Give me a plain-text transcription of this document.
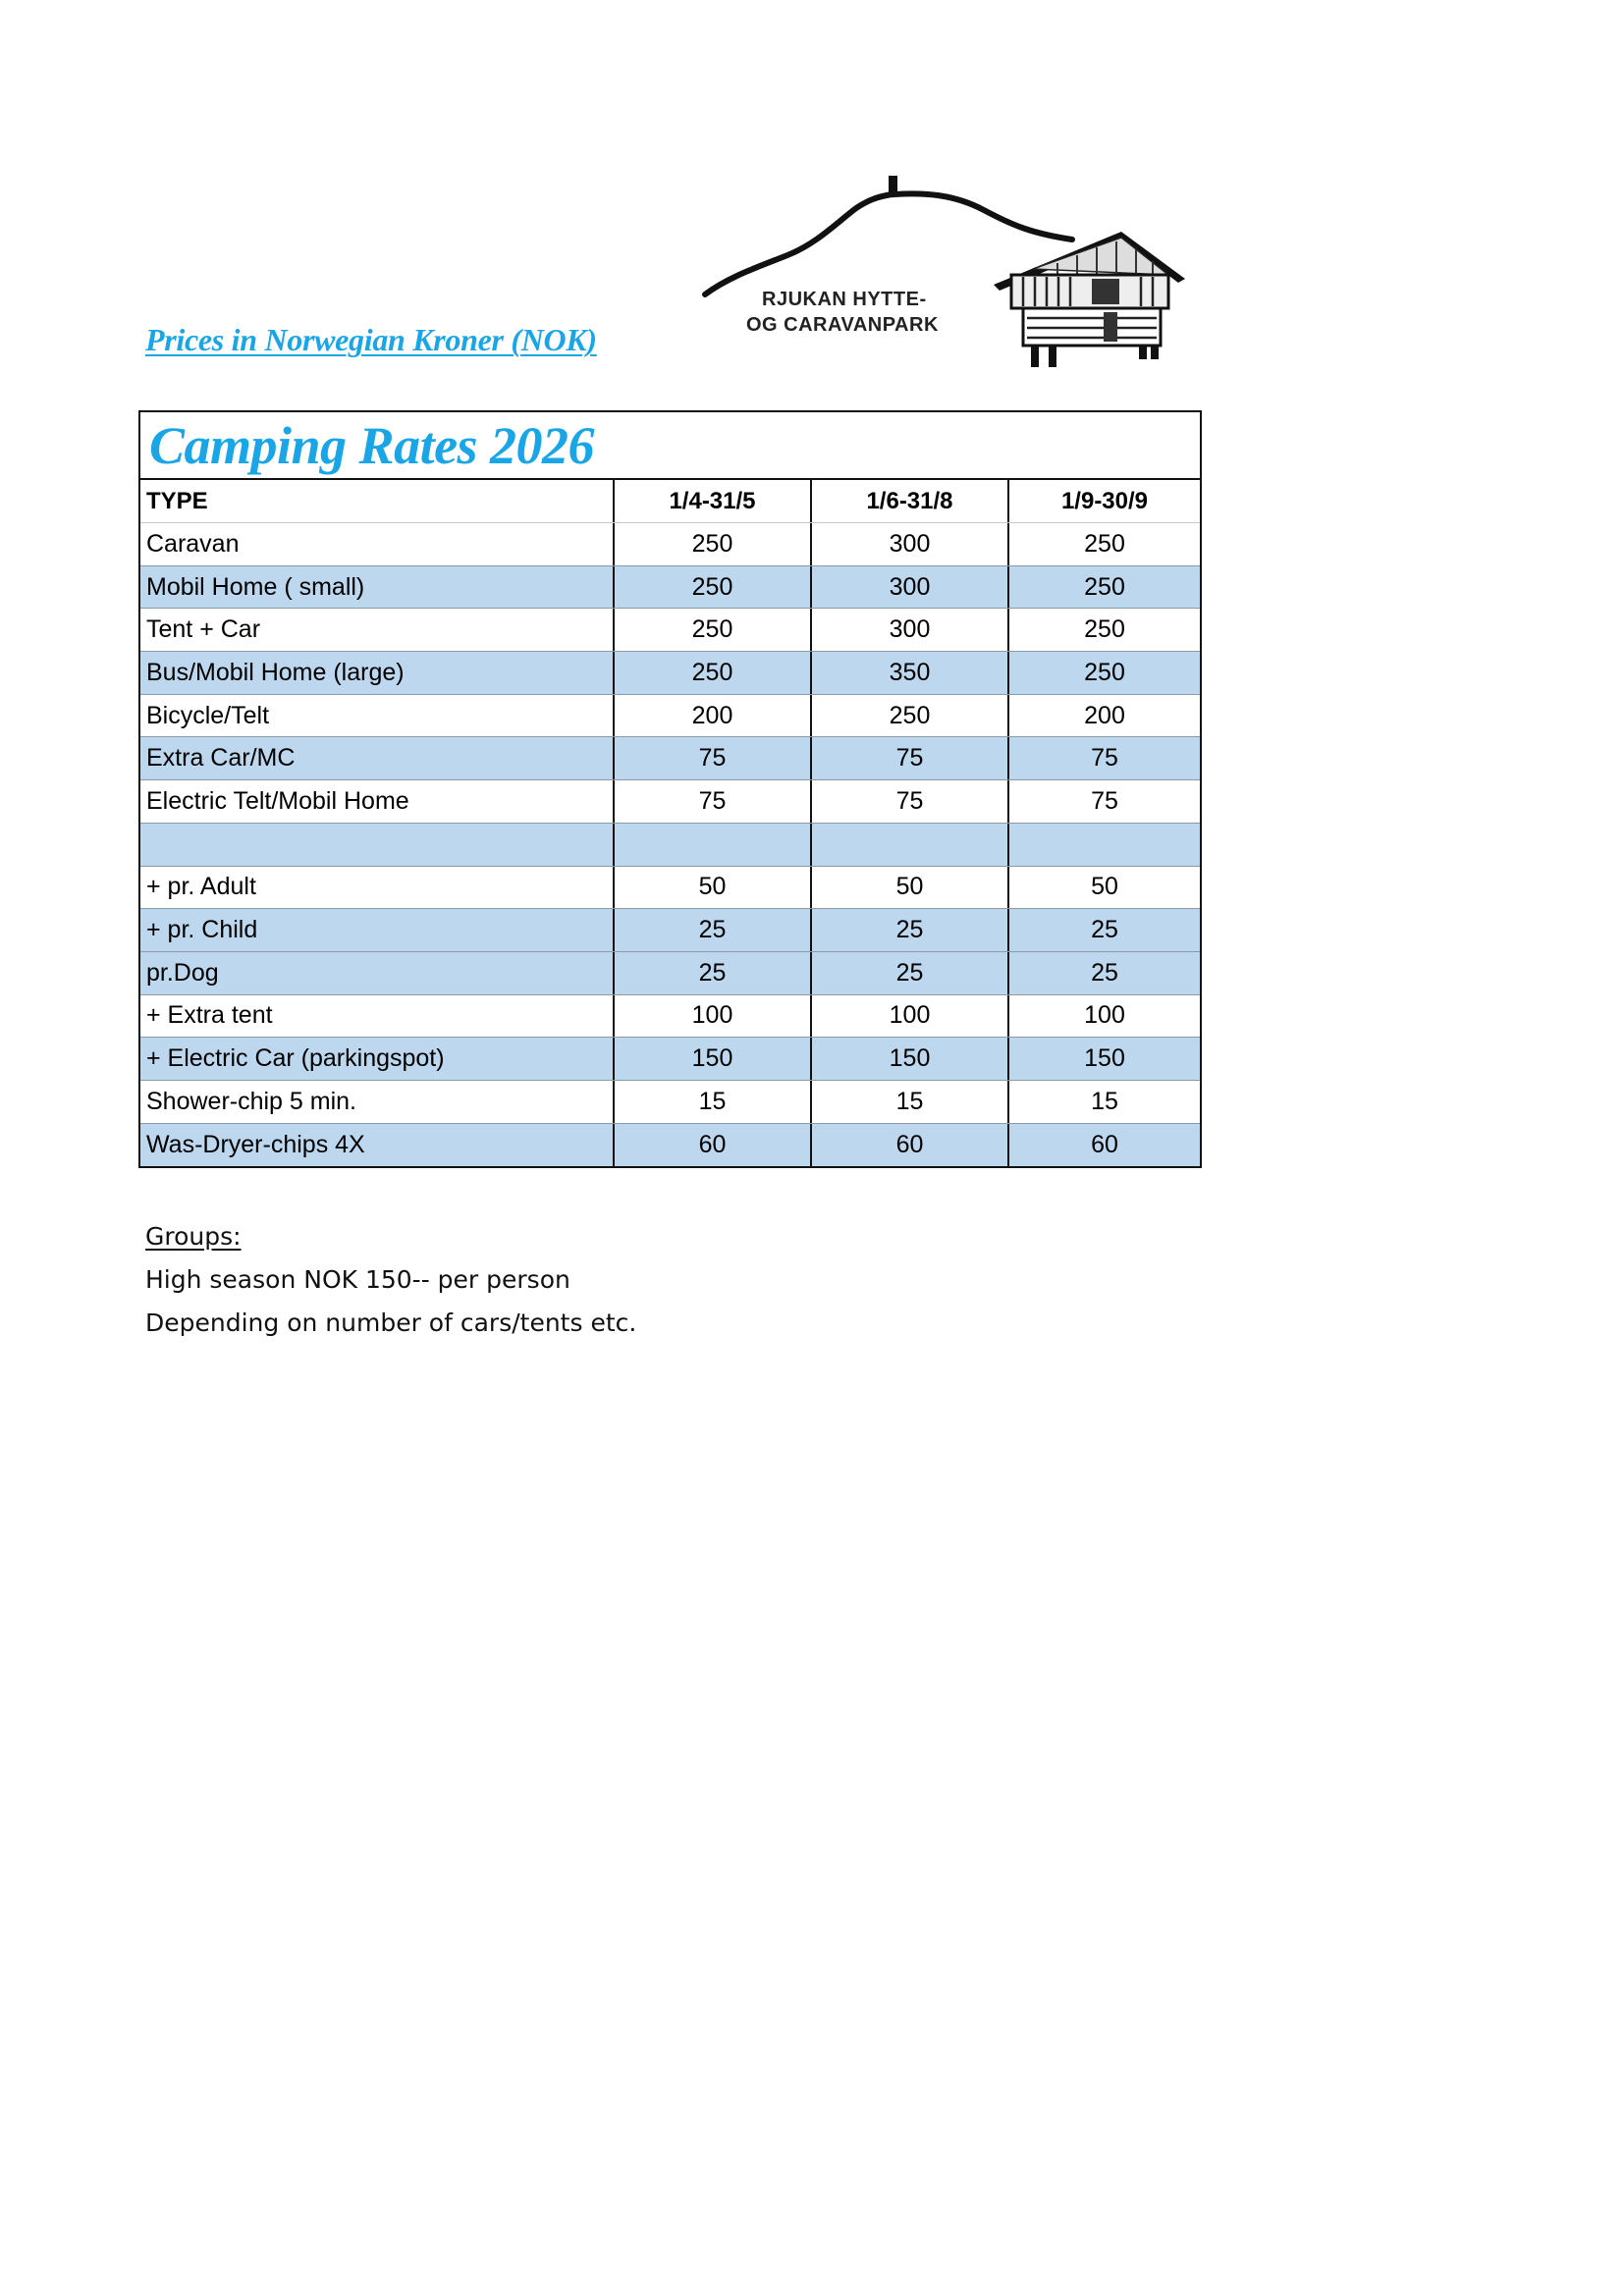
Prices in Norwegian Kroner (NOK)
RJUKAN HYTTE-
OG CARAVANPARK
Camping Rates 2026
TYPE	1/4-31/5	1/6-31/8	1/9-30/9
Caravan	250	300	250
Mobil Home ( small)	250	300	250
Tent + Car	250	300	250
Bus/Mobil Home (large)	250	350	250
Bicycle/Telt	200	250	200
Extra Car/MC	75	75	75
Electric Telt/Mobil Home	75	75	75
+ pr. Adult	50	50	50
+ pr. Child	25	25	25
pr.Dog	25	25	25
+ Extra tent	100	100	100
+ Electric Car (parkingspot)	150	150	150
Shower-chip 5 min.	15	15	15
Was-Dryer-chips 4X	60	60	60
Groups:
High season NOK 150-- per person
Depending on number of cars/tents etc.
